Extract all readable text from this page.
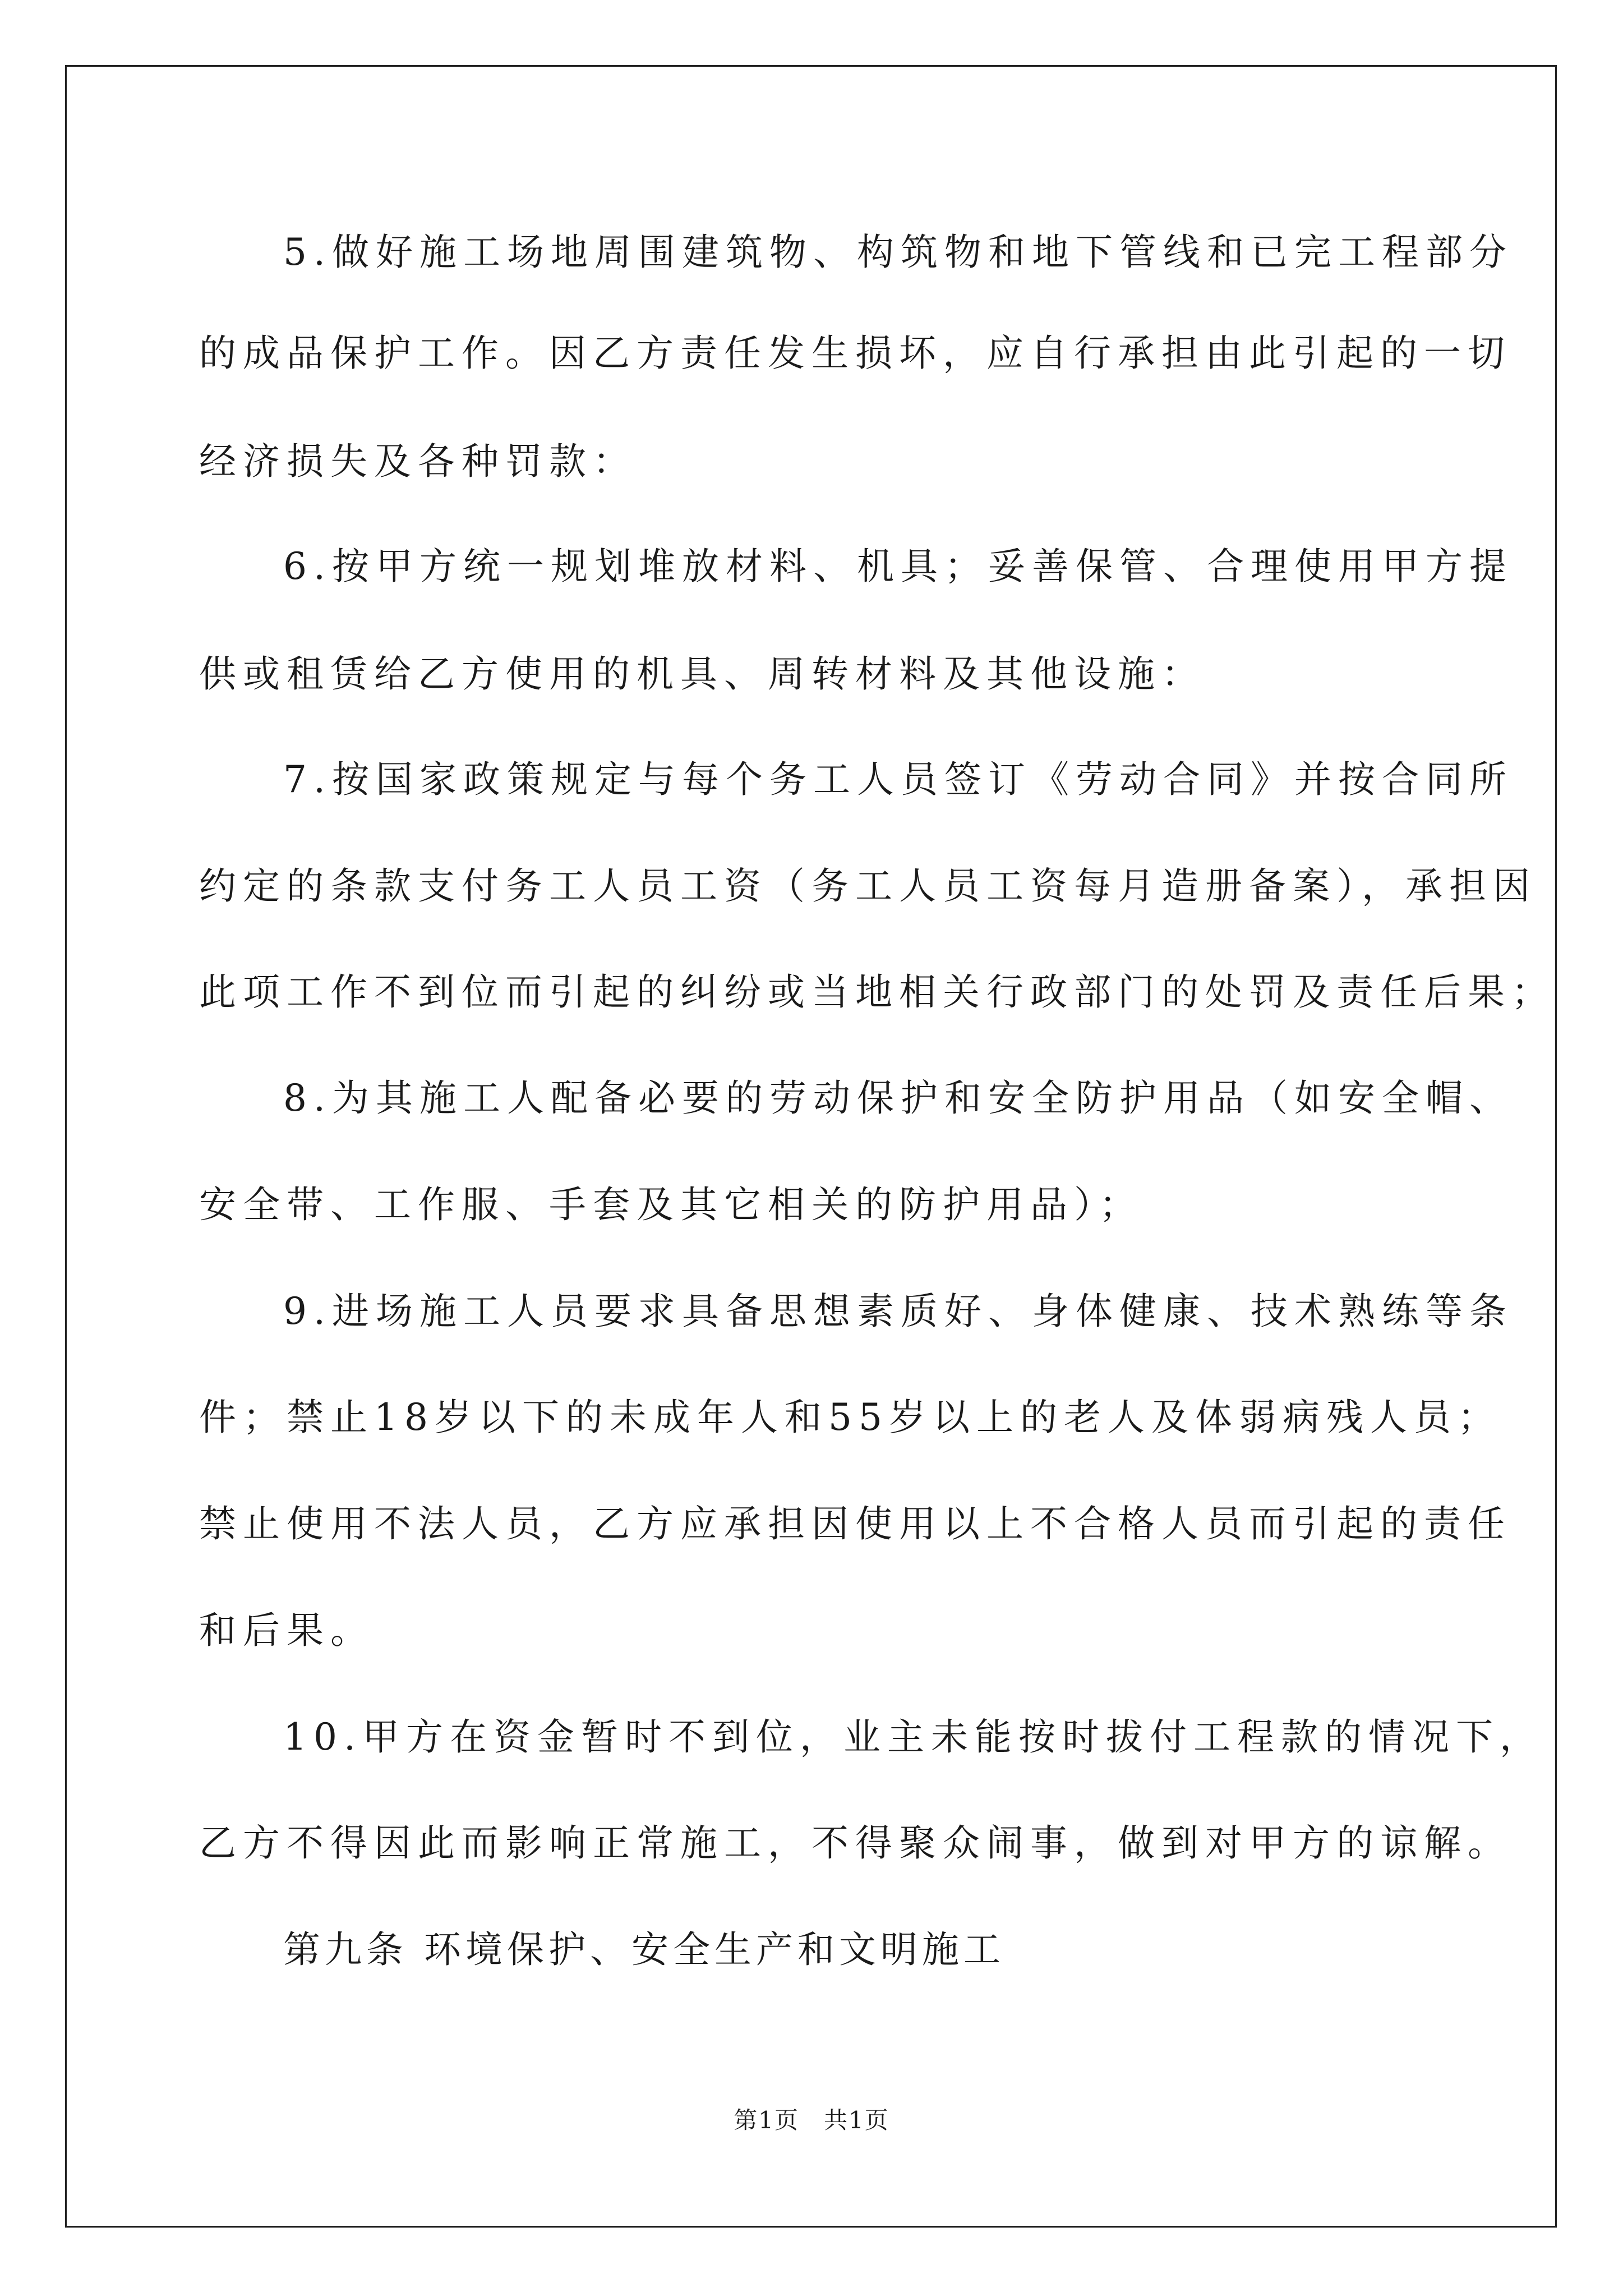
5.做好施工场地周围建筑物、构筑物和地下管线和已完工程部分
的成品保护工作。因乙方责任发生损坏，应自行承担由此引起的一切
经济损失及各种罚款：
6.按甲方统一规划堆放材料、机具；妥善保管、合理使用甲方提
供或租赁给乙方使用的机具、周转材料及其他设施：
7.按国家政策规定与每个务工人员签订《劳动合同》并按合同所
约定的条款支付务工人员工资（务工人员工资每月造册备案），承担因
此项工作不到位而引起的纠纷或当地相关行政部门的处罚及责任后果；
8.为其施工人配备必要的劳动保护和安全防护用品（如安全帽、
安全带、工作服、手套及其它相关的防护用品）；
9.进场施工人员要求具备思想素质好、身体健康、技术熟练等条
件；禁止18岁以下的未成年人和55岁以上的老人及体弱病残人员；
禁止使用不法人员，乙方应承担因使用以上不合格人员而引起的责任
和后果。
10.甲方在资金暂时不到位，业主未能按时拔付工程款的情况下，
乙方不得因此而影响正常施工，不得聚众闹事，做到对甲方的谅解。
第九条 环境保护、安全生产和文明施工
第1页　共1页
